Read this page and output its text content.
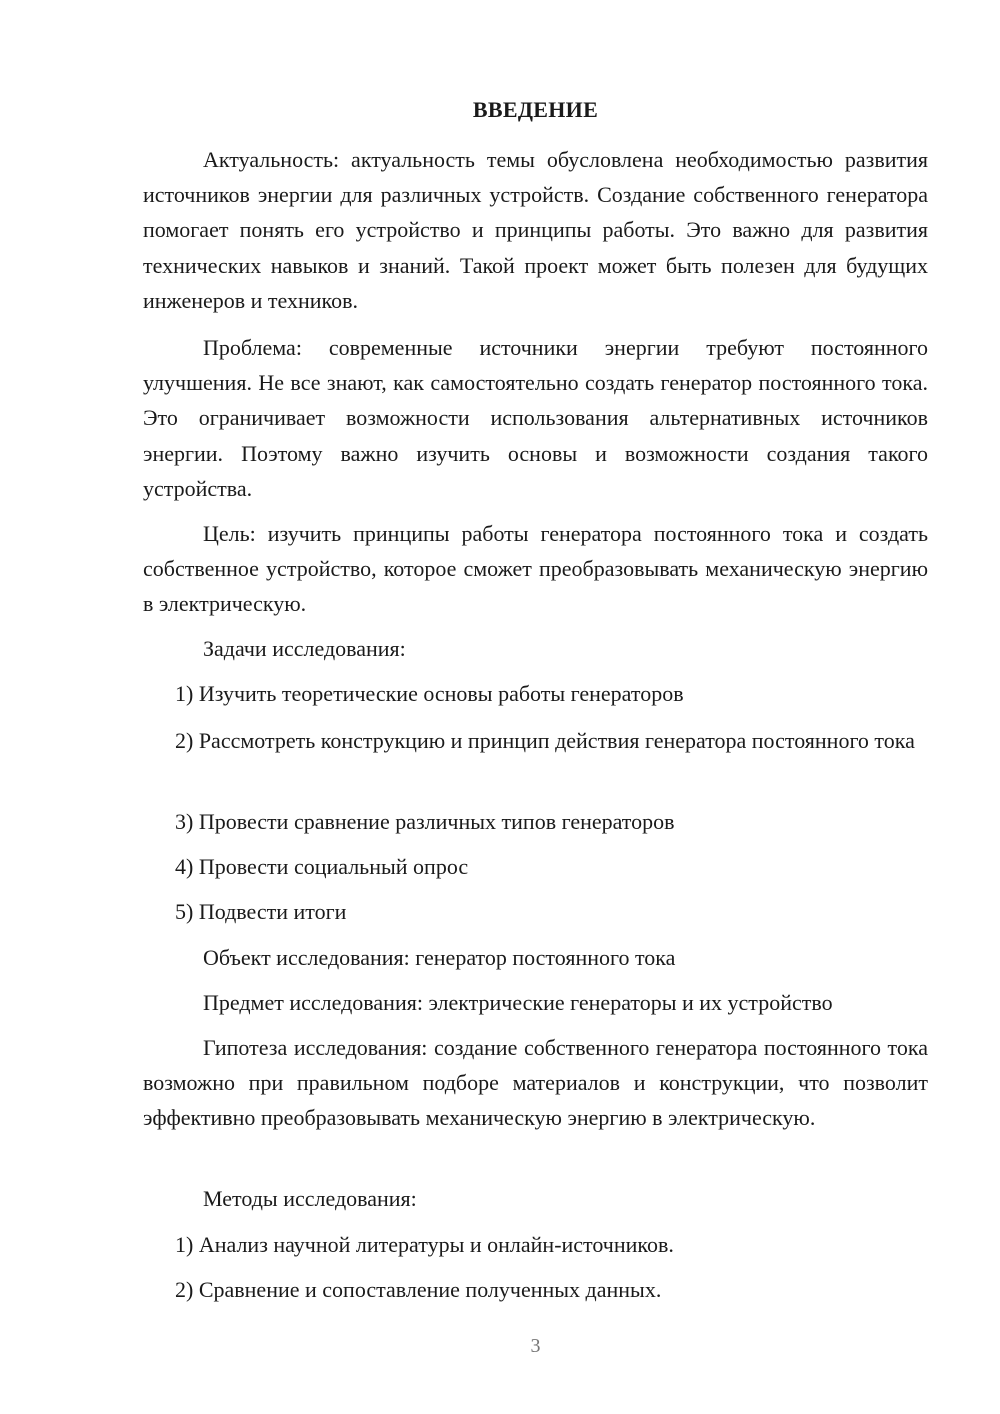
ВВЕДЕНИЕ

Актуальность: актуальность темы обусловлена необходимостью развития источников энергии для различных устройств. Создание собственного генератора помогает понять его устройство и принципы работы. Это важно для развития технических навыков и знаний. Такой проект может быть полезен для будущих инженеров и техников.

Проблема: современные источники энергии требуют постоянного улучшения. Не все знают, как самостоятельно создать генератор постоянного тока. Это ограничивает возможности использования альтернативных источников энергии. Поэтому важно изучить основы и возможности создания такого устройства.

Цель: изучить принципы работы генератора постоянного тока и создать собственное устройство, которое сможет преобразовывать механическую энергию в электрическую.

Задачи исследования:

1) Изучить теоретические основы работы генераторов

2) Рассмотреть конструкцию и принцип действия генератора постоянного тока

3) Провести сравнение различных типов генераторов

4) Провести социальный опрос

5) Подвести итоги

Объект исследования: генератор постоянного тока

Предмет исследования: электрические генераторы и их устройство

Гипотеза исследования: создание собственного генератора постоянного тока возможно при правильном подборе материалов и конструкции, что позволит эффективно преобразовывать механическую энергию в электрическую.

Методы исследования:

1) Анализ научной литературы и онлайн-источников.

2) Сравнение и сопоставление полученных данных.

3
